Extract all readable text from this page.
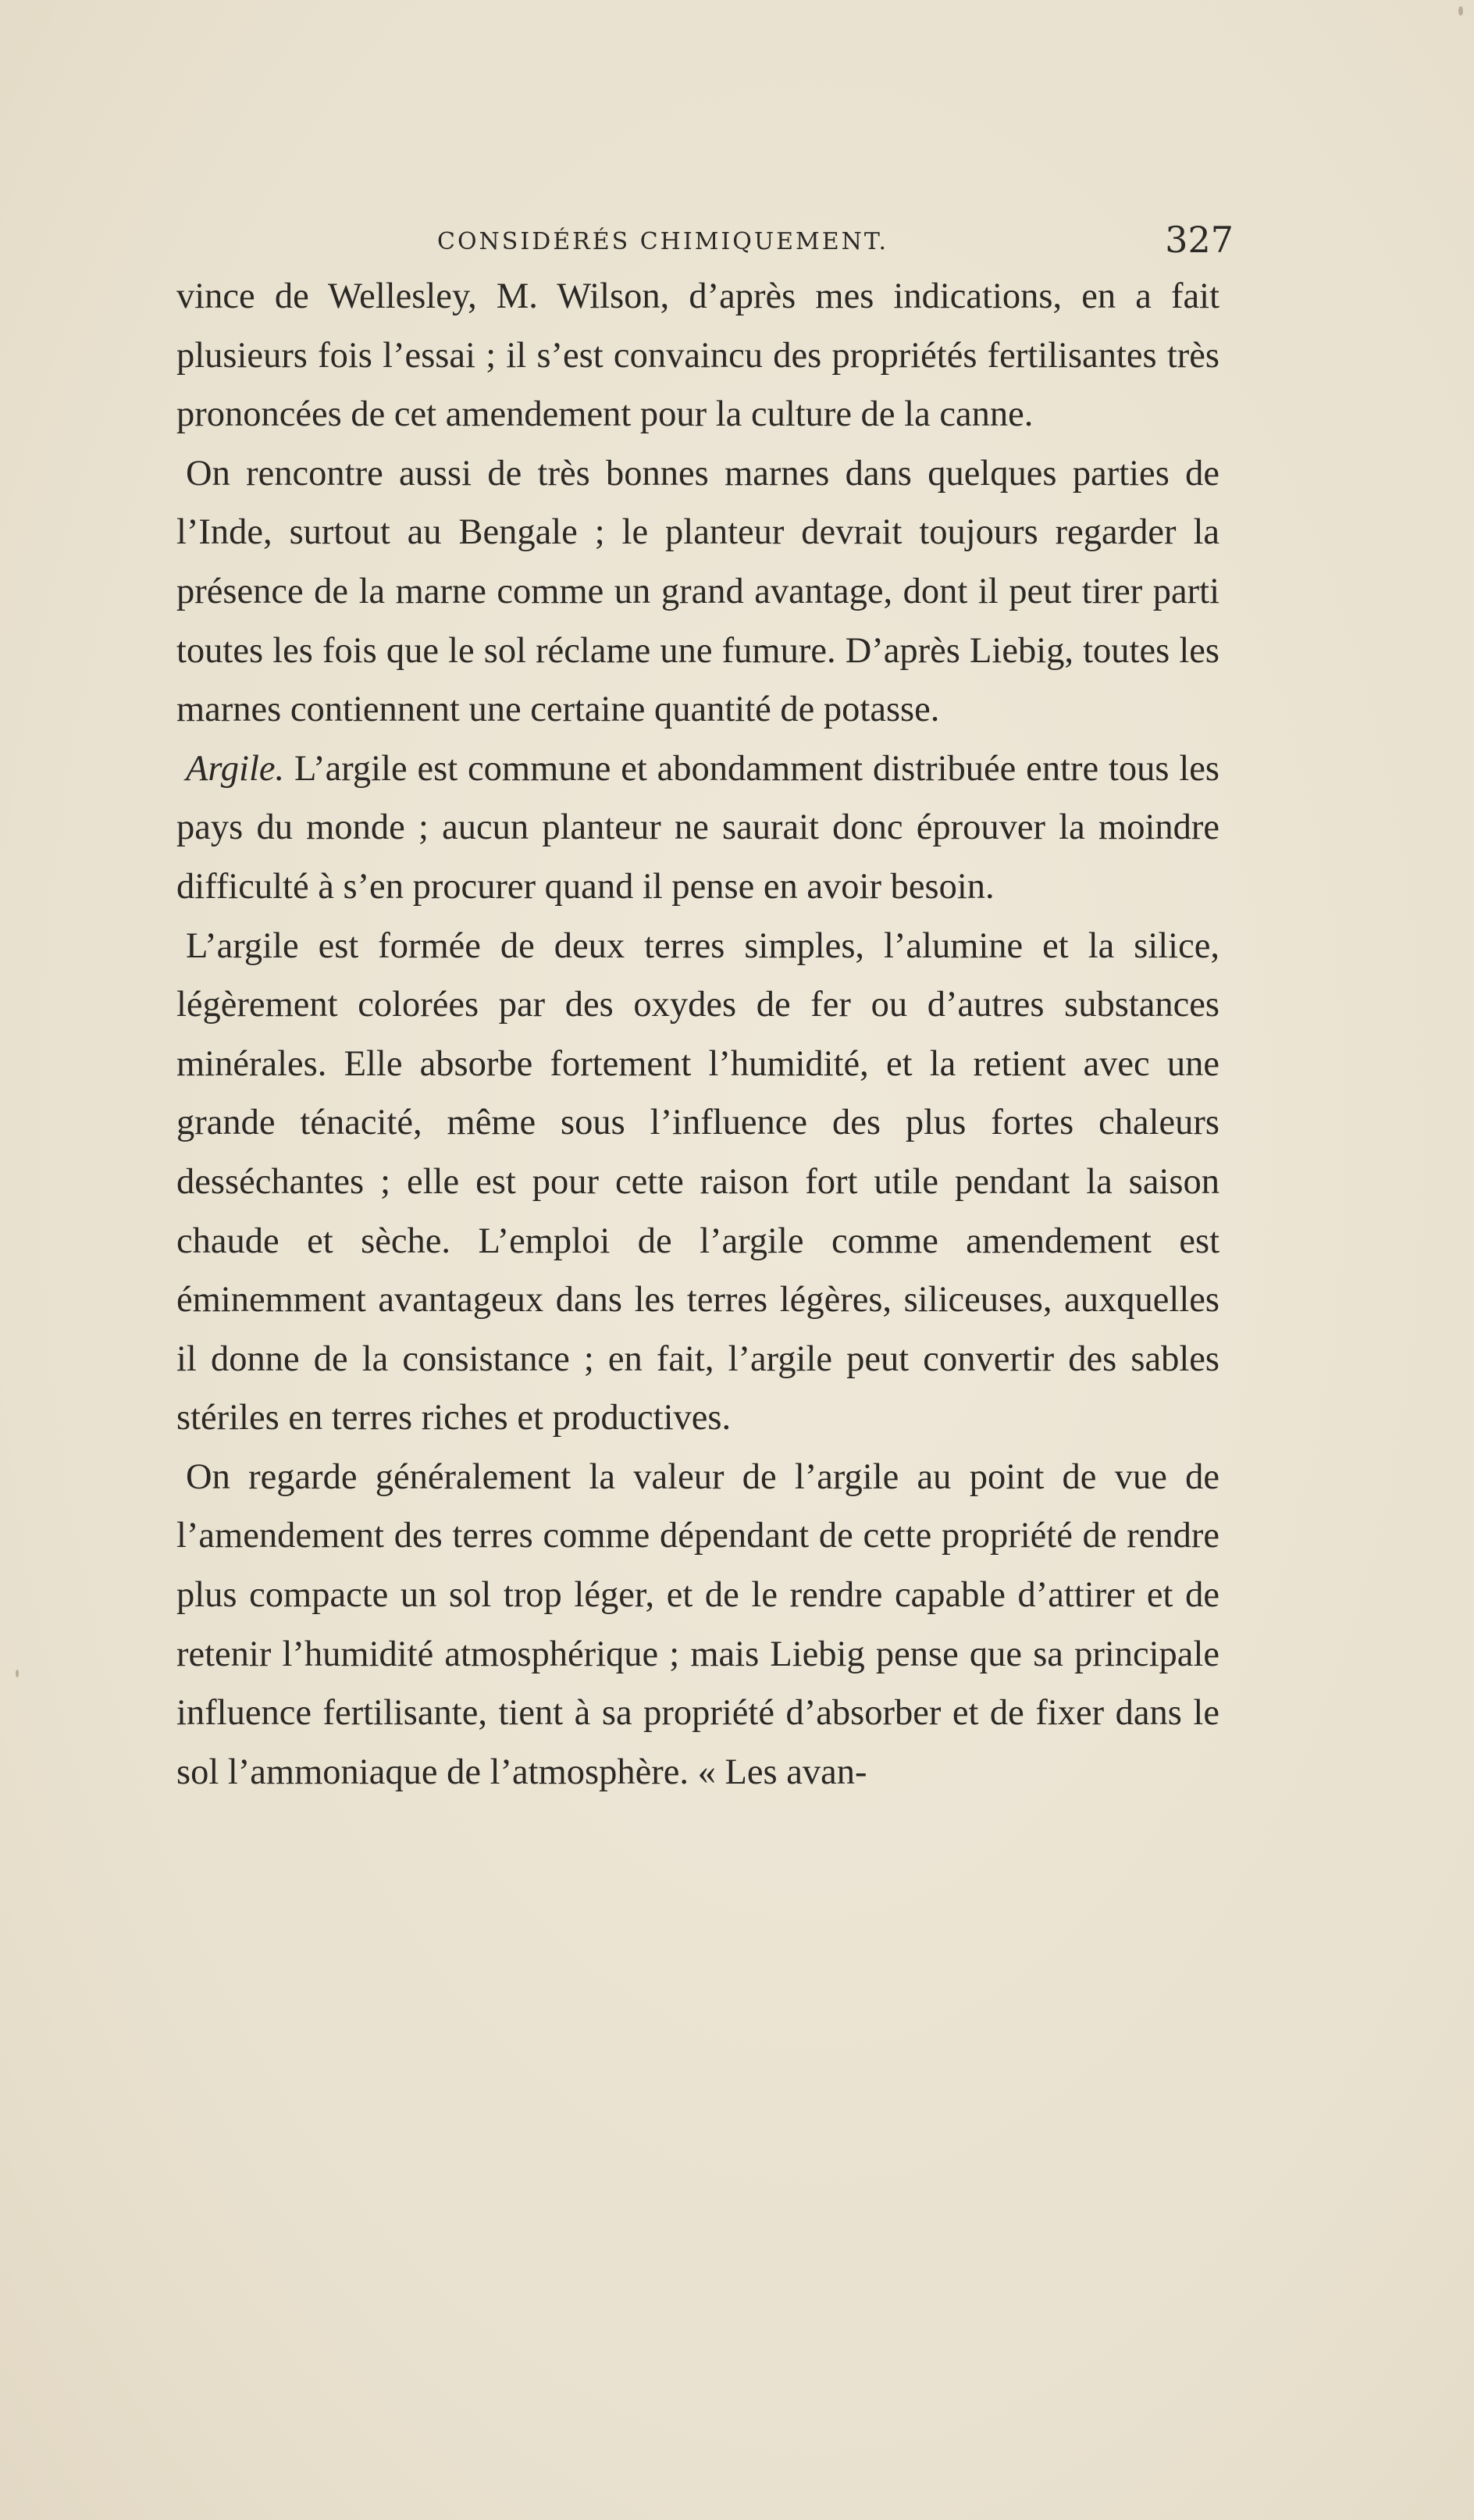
CONSIDÉRÉS CHIMIQUEMENT.	327

vince de Wellesley, M. Wilson, d’après mes indications, en a fait plusieurs fois l’essai ; il s’est convaincu des propriétés fertilisantes très prononcées de cet amendement pour la culture de la canne.

On rencontre aussi de très bonnes marnes dans quelques parties de l’Inde, surtout au Bengale ; le planteur devrait toujours regarder la présence de la marne comme un grand avantage, dont il peut tirer parti toutes les fois que le sol réclame une fumure. D’après Liebig, toutes les marnes contiennent une certaine quantité de potasse.

Argile. L’argile est commune et abondamment distribuée entre tous les pays du monde ; aucun planteur ne saurait donc éprouver la moindre difficulté à s’en procurer quand il pense en avoir besoin.

L’argile est formée de deux terres simples, l’alumine et la silice, légèrement colorées par des oxydes de fer ou d’autres substances minérales. Elle absorbe fortement l’humidité, et la retient avec une grande ténacité, même sous l’influence des plus fortes chaleurs desséchantes ; elle est pour cette raison fort utile pendant la saison chaude et sèche. L’emploi de l’argile comme amendement est éminemment avantageux dans les terres légères, siliceuses, auxquelles il donne de la consistance ; en fait, l’argile peut convertir des sables stériles en terres riches et productives.

On regarde généralement la valeur de l’argile au point de vue de l’amendement des terres comme dépendant de cette propriété de rendre plus compacte un sol trop léger, et de le rendre capable d’attirer et de retenir l’humidité atmosphérique ; mais Liebig pense que sa principale influence fertilisante, tient à sa propriété d’absorber et de fixer dans le sol l’ammoniaque de l’atmosphère. « Les avan-
